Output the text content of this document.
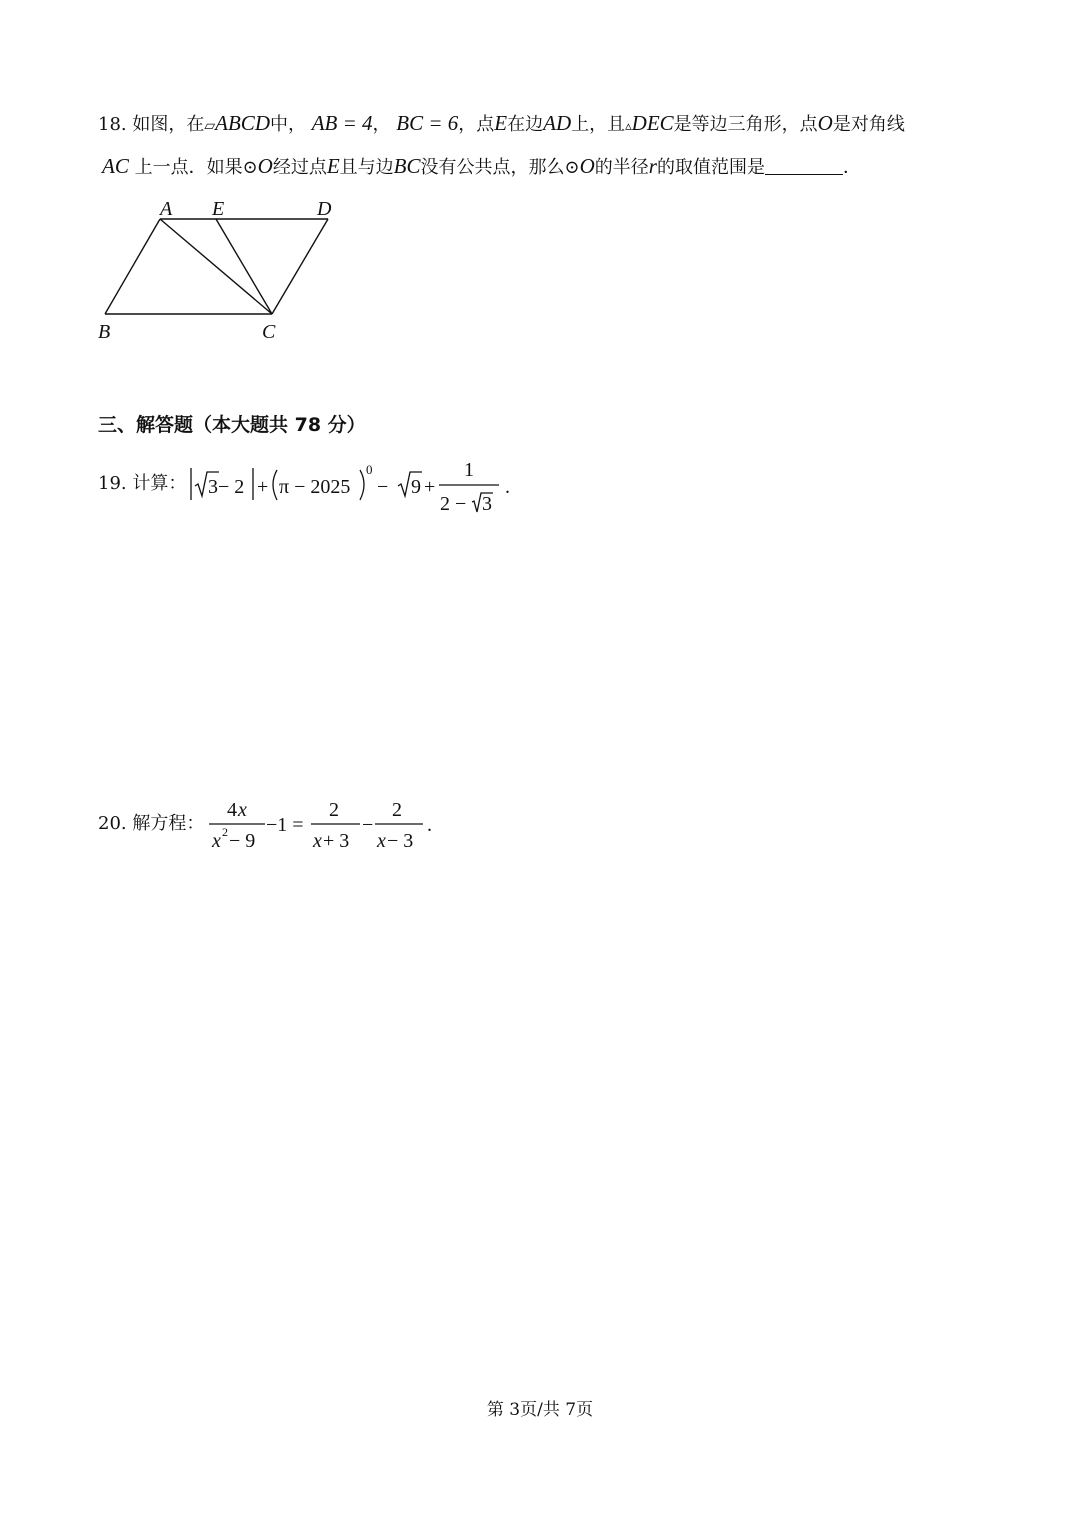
18. 如图，在▱ABCD中， AB = 4， BC = 6，点E在边AD上，且▵DEC是等边三角形，点O是对角线
AC 上一点．如果⊙O经过点E且与边BC没有公共点，那么⊙O的半径r的取值范围是	．
A E	D
B	C
三、解答题（本大题共 78 分）
19. 计算： 3 − 2 + π − 2025
0
− 9 +
1
2 − 3
.
20. 解方程：
4 x
x 2 − 9
−1 =
2
x + 3
−
2
x − 3
.
第 3页/共 7页
